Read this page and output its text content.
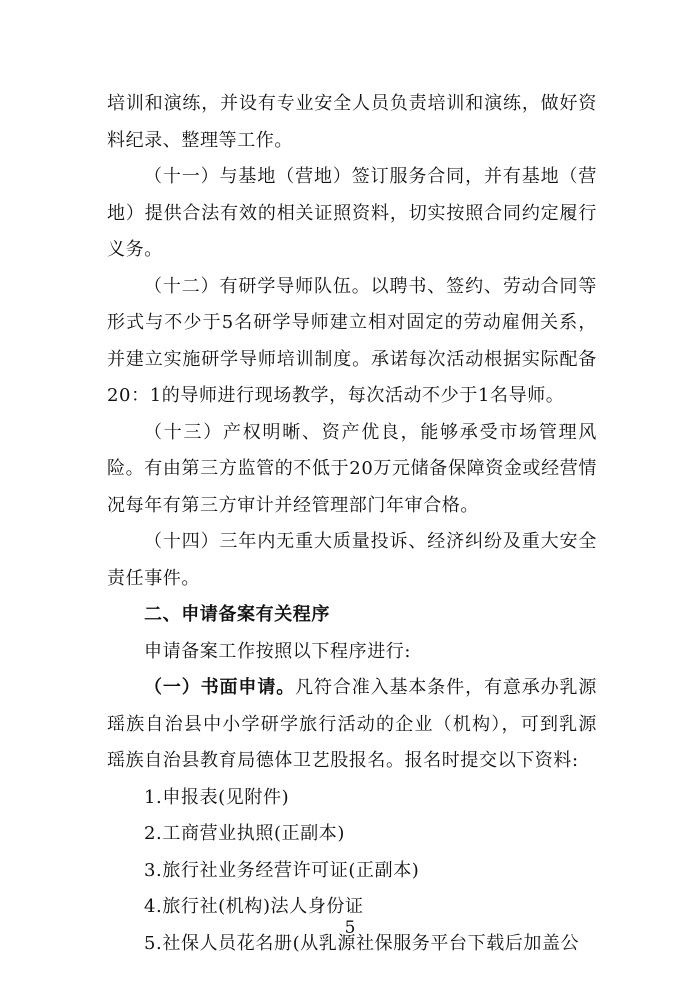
培训和演练，并设有专业安全人员负责培训和演练，做好资料纪录、整理等工作。

（十一）与基地（营地）签订服务合同，并有基地（营地）提供合法有效的相关证照资料，切实按照合同约定履行义务。

（十二）有研学导师队伍。以聘书、签约、劳动合同等形式与不少于5名研学导师建立相对固定的劳动雇佣关系，并建立实施研学导师培训制度。承诺每次活动根据实际配备20：1的导师进行现场教学，每次活动不少于1名导师。

（十三）产权明晰、资产优良，能够承受市场管理风险。有由第三方监管的不低于20万元储备保障资金或经营情况每年有第三方审计并经管理部门年审合格。

（十四）三年内无重大质量投诉、经济纠纷及重大安全责任事件。

二、申请备案有关程序

申请备案工作按照以下程序进行:

（一）书面申请。凡符合准入基本条件，有意承办乳源瑶族自治县中小学研学旅行活动的企业（机构），可到乳源瑶族自治县教育局德体卫艺股报名。报名时提交以下资料:

1.申报表(见附件)

2.工商营业执照(正副本)

3.旅行社业务经营许可证(正副本)

4.旅行社(机构)法人身份证

5.社保人员花名册(从乳源社保服务平台下载后加盖公

5
